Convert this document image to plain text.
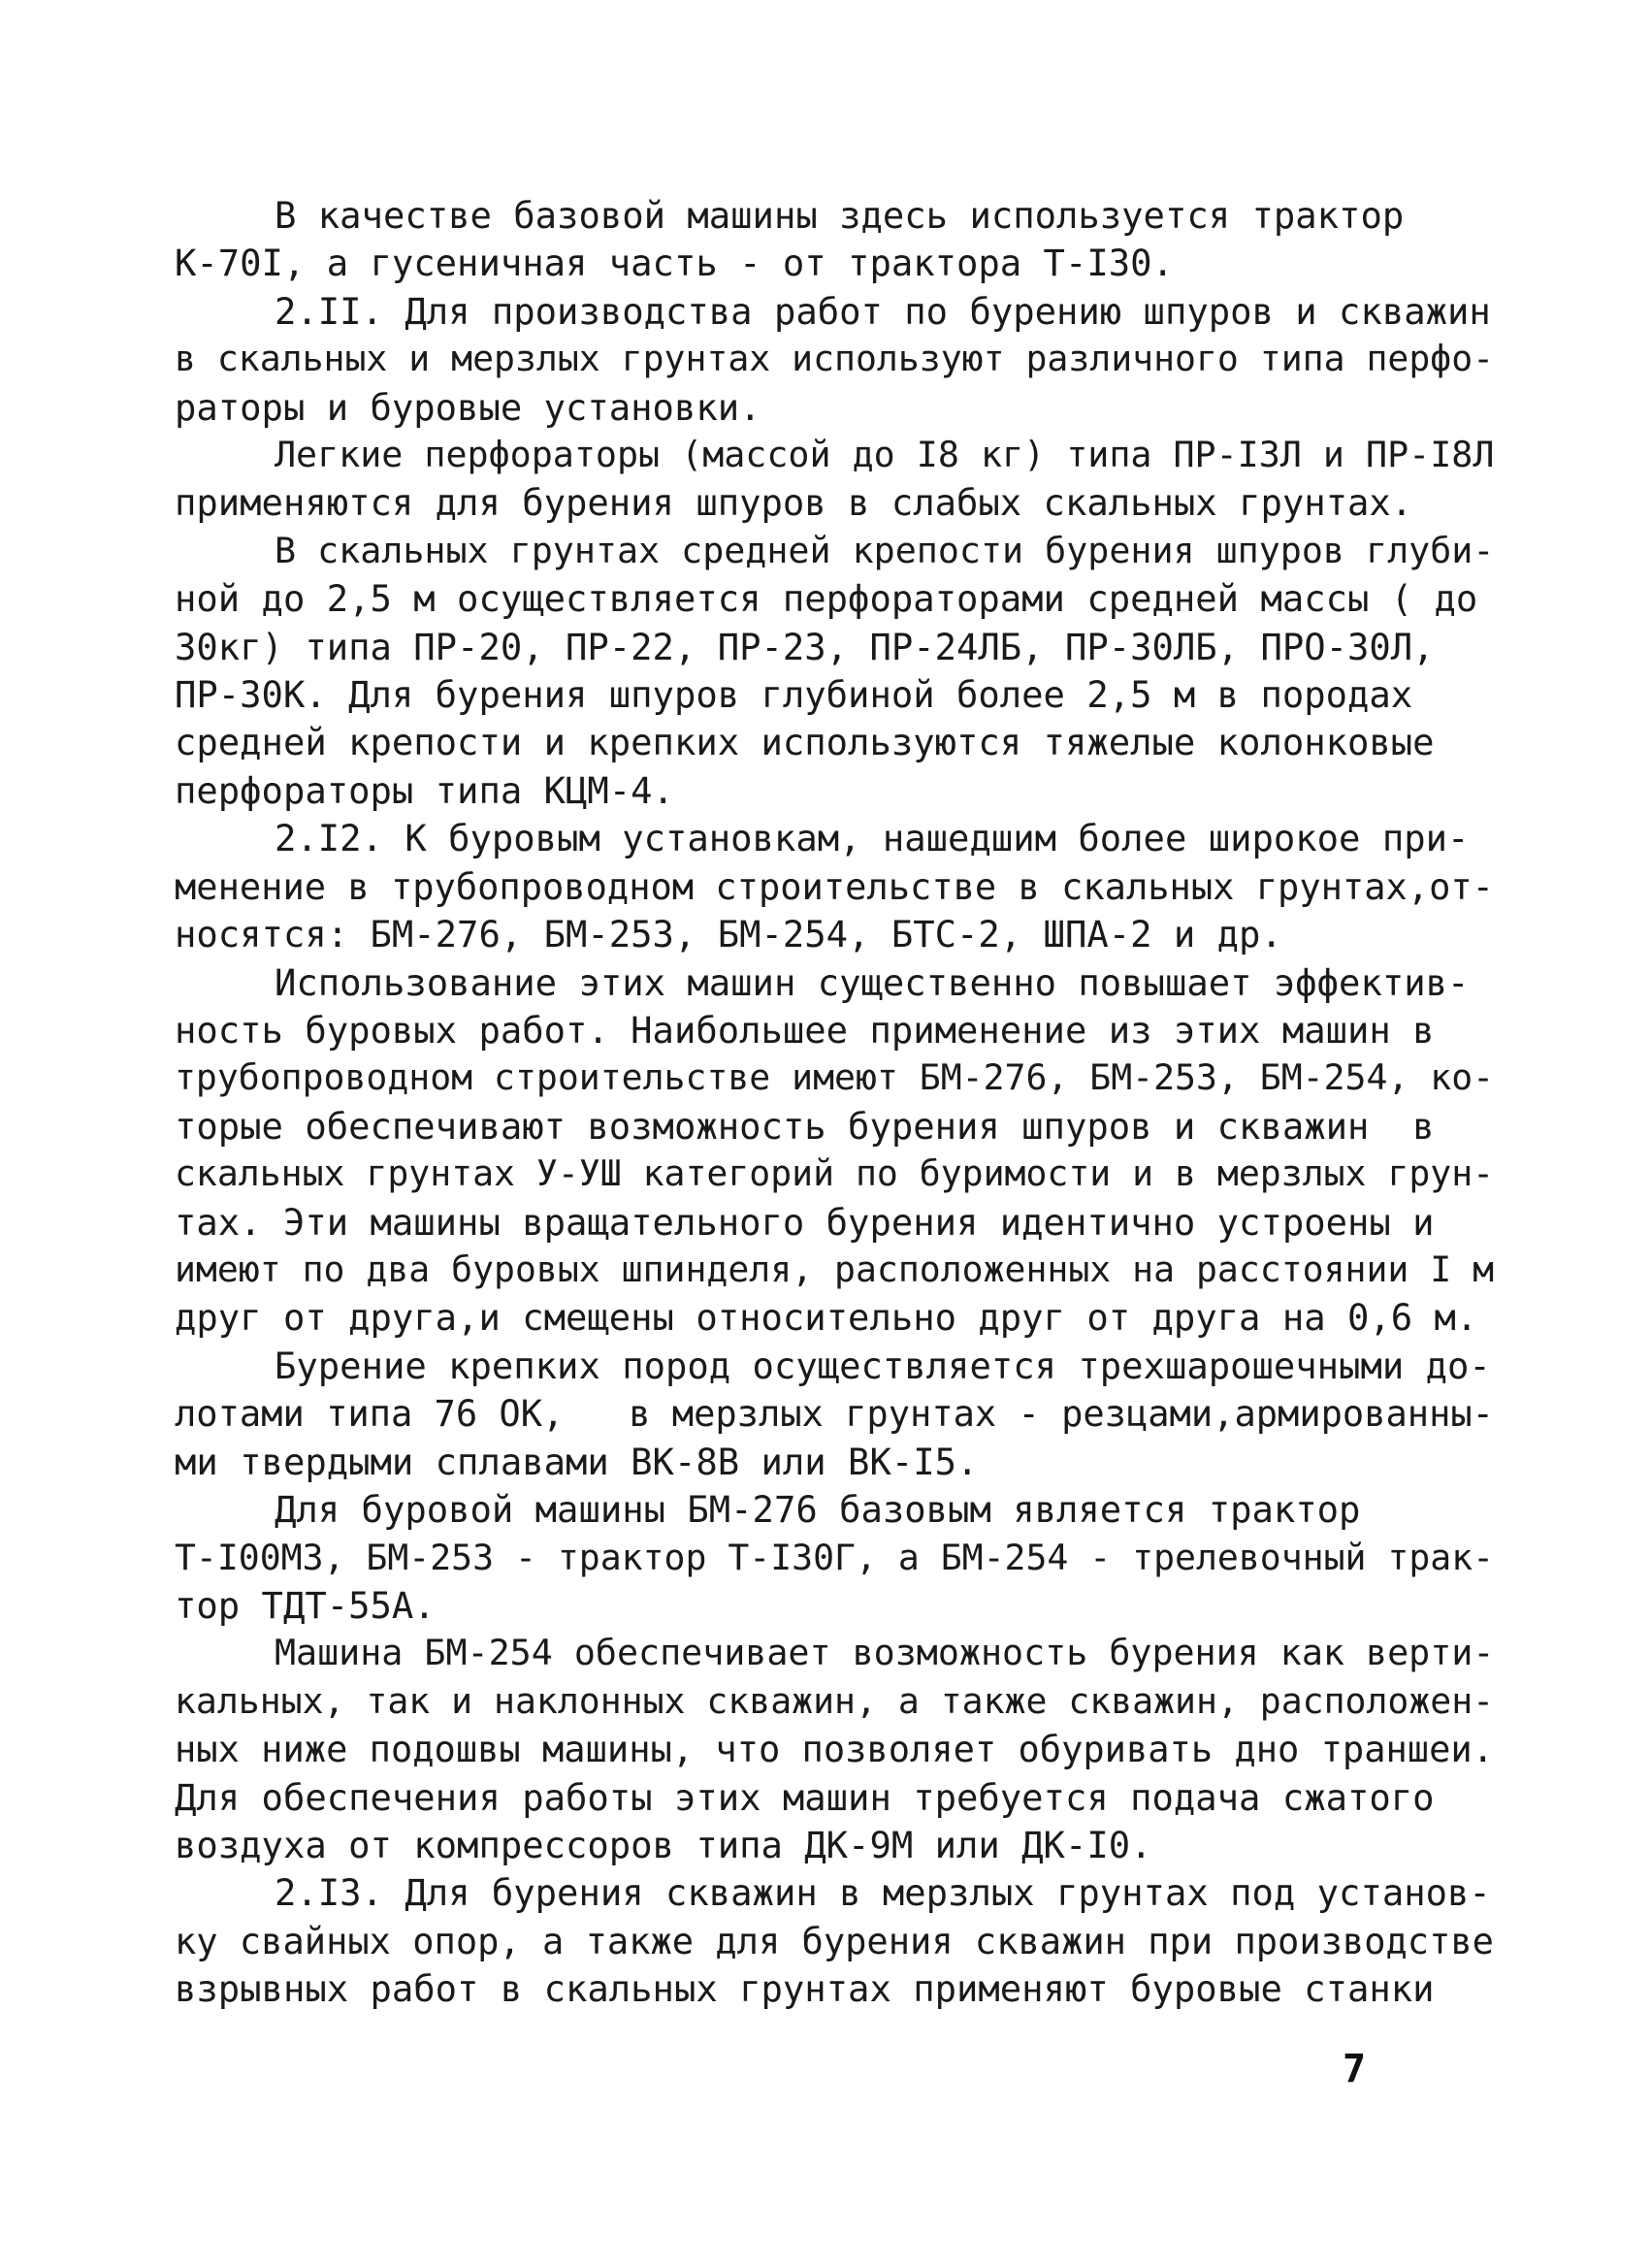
В качестве базовой машины здесь используется трактор
К-70I, а гусеничная часть - от трактора Т-I30.
2.II. Для производства работ по бурению шпуров и скважин
в скальных и мерзлых грунтах используют различного типа перфо-
раторы и буровые установки.
Легкие перфораторы (массой до I8 кг) типа ПР-I3Л и ПР-I8Л
применяются для бурения шпуров в слабых скальных грунтах.
В скальных грунтах средней крепости бурения шпуров глуби-
ной до 2,5 м осуществляется перфораторами средней массы ( до
30кг) типа ПР-20, ПР-22, ПР-23, ПР-24ЛБ, ПР-30ЛБ, ПРО-30Л,
ПР-30К. Для бурения шпуров глубиной более 2,5 м в породах
средней крепости и крепких используются тяжелые колонковые
перфораторы типа КЦМ-4.
2.I2. К буровым установкам, нашедшим более широкое при-
менение в трубопроводном строительстве в скальных грунтах,от-
носятся: БМ-276, БМ-253, БМ-254, БТС-2, ШПА-2 и др.
Использование этих машин существенно повышает эффектив-
ность буровых работ. Наибольшее применение из этих машин в
трубопроводном строительстве имеют БМ-276, БМ-253, БМ-254, ко-
торые обеспечивают возможность бурения шпуров и скважин  в
скальных грунтах У-УШ категорий по буримости и в мерзлых грун-
тах. Эти машины вращательного бурения идентично устроены и
имеют по два буровых шпинделя, расположенных на расстоянии I м
друг от друга,и смещены относительно друг от друга на 0,6 м.
Бурение крепких пород осуществляется трехшарошечными до-
лотами типа 76 ОК,   в мерзлых грунтах - резцами,армированны-
ми твердыми сплавами ВК-8В или ВК-I5.
Для буровой машины БМ-276 базовым является трактор
Т-I00МЗ, БМ-253 - трактор Т-I30Г, а БМ-254 - трелевочный трак-
тор ТДТ-55А.
Машина БМ-254 обеспечивает возможность бурения как верти-
кальных, так и наклонных скважин, а также скважин, расположен-
ных ниже подошвы машины, что позволяет обуривать дно траншеи.
Для обеспечения работы этих машин требуется подача сжатого
воздуха от компрессоров типа ДК-9М или ДК-I0.
2.I3. Для бурения скважин в мерзлых грунтах под установ-
ку свайных опор, а также для бурения скважин при производстве
взрывных работ в скальных грунтах применяют буровые станки
7
